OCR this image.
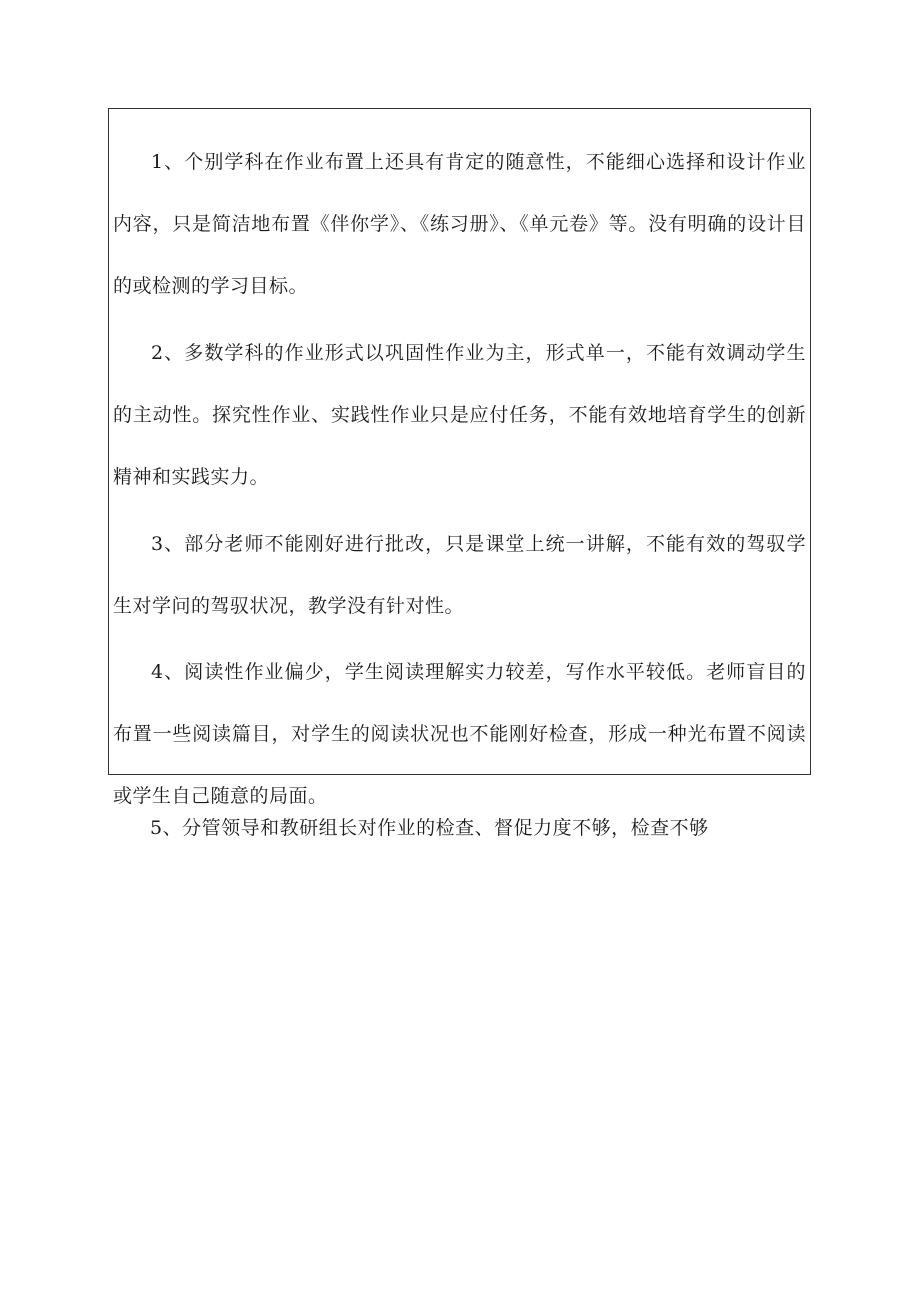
1、个别学科在作业布置上还具有肯定的随意性，不能细心选择和设计作业内容，只是简洁地布置《伴你学》、《练习册》、《单元卷》等。没有明确的设计目的或检测的学习目标。

2、多数学科的作业形式以巩固性作业为主，形式单一，不能有效调动学生的主动性。探究性作业、实践性作业只是应付任务，不能有效地培育学生的创新精神和实践实力。

3、部分老师不能刚好进行批改，只是课堂上统一讲解，不能有效的驾驭学生对学问的驾驭状况，教学没有针对性。

4、阅读性作业偏少，学生阅读理解实力较差，写作水平较低。老师盲目的布置一些阅读篇目，对学生的阅读状况也不能刚好检查，形成一种光布置不阅读或学生自己随意的局面。

5、分管领导和教研组长对作业的检查、督促力度不够，检查不够
